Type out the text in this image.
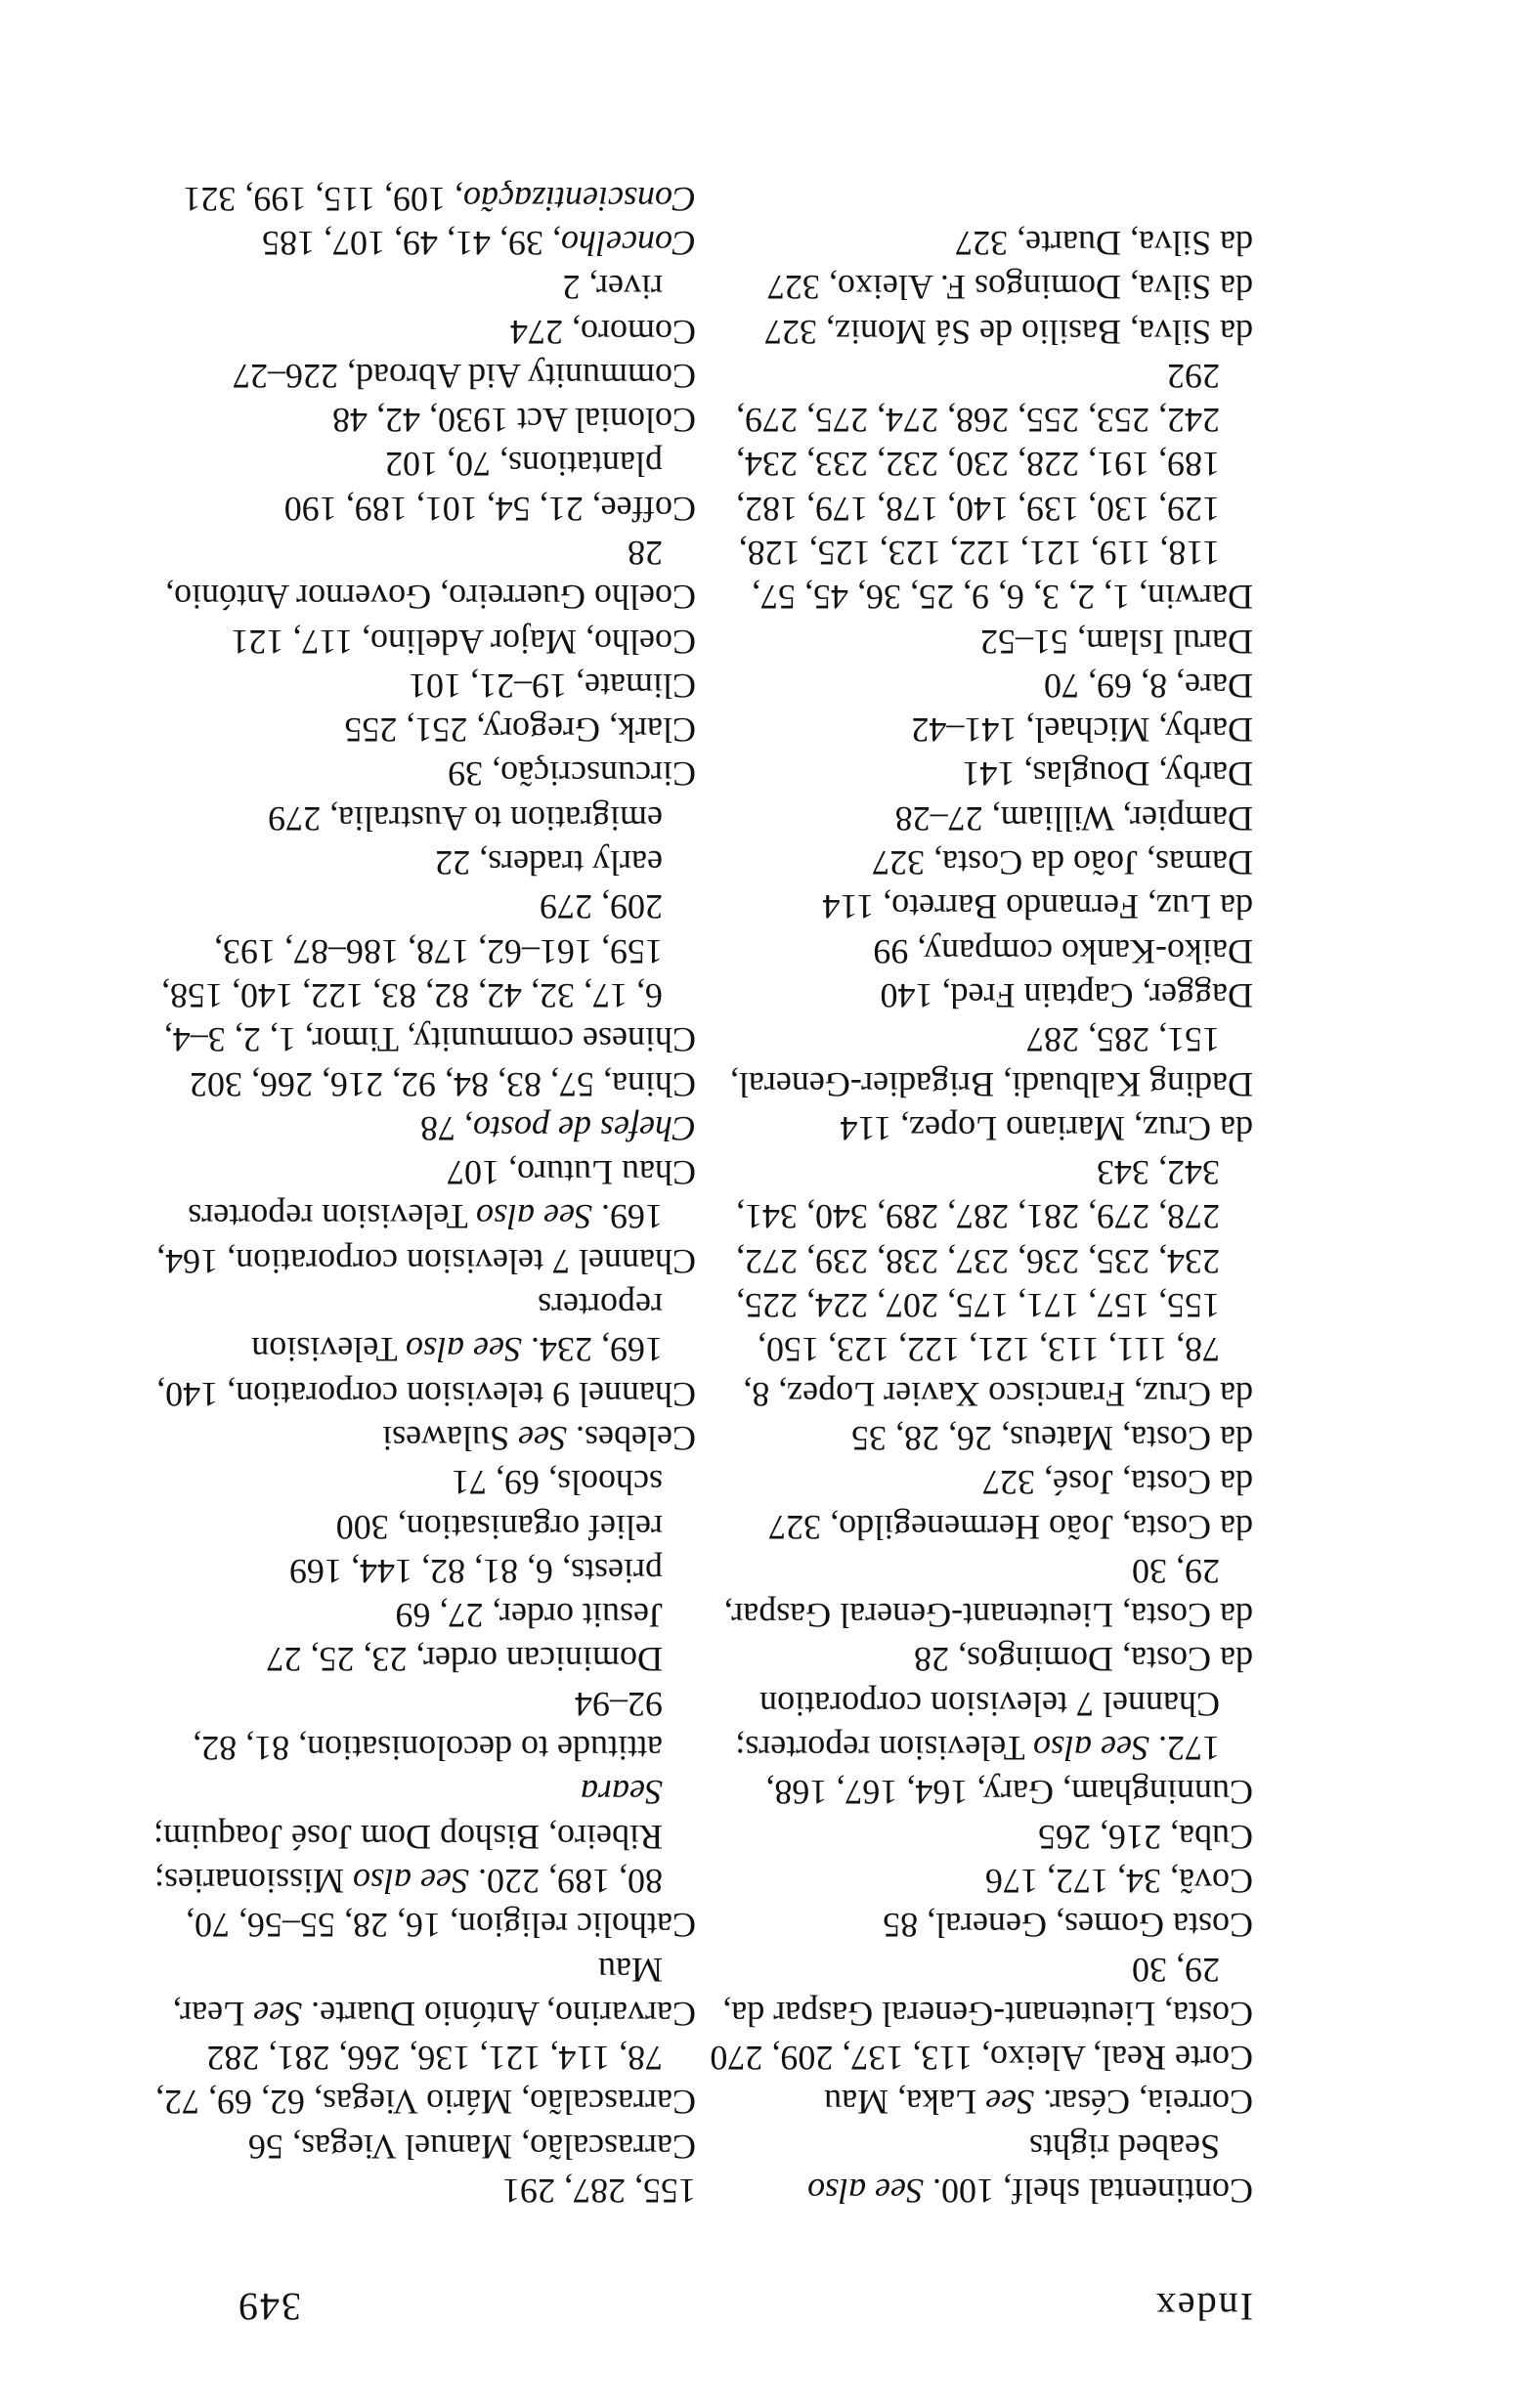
Index
349
Continental shelf, 100. See also Seabed rights
Correia, César. See Laka, Mau
Corte Real, Aleixo, 113, 137, 209, 270
Costa, Lieutenant-General Gaspar da, 29, 30
Costa Gomes, General, 85
Covã, 34, 172, 176
Cuba, 216, 265
Cunningham, Gary, 164, 167, 168, 172. See also Television reporters; Channel 7 television corporation
da Costa, Domingos, 28
da Costa, Lieutenant-General Gaspar, 29, 30
da Costa, João Hermenegildo, 327
da Costa, José, 327
da Costa, Mateus, 26, 28, 35
da Cruz, Francisco Xavier Lopez, 8, 78, 111, 113, 121, 122, 123, 150, 155, 157, 171, 175, 207, 224, 225, 234, 235, 236, 237, 238, 239, 272, 278, 279, 281, 287, 289, 340, 341, 342, 343
da Cruz, Mariano Lopez, 114
Dading Kalbuadi, Brigadier-General, 151, 285, 287
Dagger, Captain Fred, 140
Daiko-Kanko company, 99
da Luz, Fernando Barreto, 114
Damas, João da Costa, 327
Dampier, William, 27–28
Darby, Douglas, 141
Darby, Michael, 141–42
Dare, 8, 69, 70
Darul Islam, 51–52
Darwin, 1, 2, 3, 6, 9, 25, 36, 45, 57, 118, 119, 121, 122, 123, 125, 128, 129, 130, 139, 140, 178, 179, 182, 189, 191, 228, 230, 232, 233, 234, 242, 253, 255, 268, 274, 275, 279, 292
da Silva, Basilio de Sá Moniz, 327
da Silva, Domingos F. Aleixo, 327
da Silva, Duarte, 327
155, 287, 291
Carrascalão, Manuel Viegas, 56
Carrascalão, Mário Viegas, 62, 69, 72, 78, 114, 121, 136, 266, 281, 282
Carvarino, António Duarte. See Lear, Mau
Catholic religion, 16, 28, 55–56, 70, 80, 189, 220. See also Missionaries; Ribeiro, Bishop Dom José Joaquim; Seara
attitude to decolonisation, 81, 82, 92–94
Dominican order, 23, 25, 27
Jesuit order, 27, 69
priests, 6, 81, 82, 144, 169
relief organisation, 300
schools, 69, 71
Celebes. See Sulawesi
Channel 9 television corporation, 140, 169, 234. See also Television reporters
Channel 7 television corporation, 164, 169. See also Television reporters
Chau Luturo, 107
Chefes de posto, 78
China, 57, 83, 84, 92, 216, 266, 302
Chinese community, Timor, 1, 2, 3–4, 6, 17, 32, 42, 82, 83, 122, 140, 158, 159, 161–62, 178, 186–87, 193, 209, 279
early traders, 22
emigration to Australia, 279
Circunscrição, 39
Clark, Gregory, 251, 255
Climate, 19–21, 101
Coelho, Major Adelino, 117, 121
Coelho Guerreiro, Governor António, 28
Coffee, 21, 54, 101, 189, 190
plantations, 70, 102
Colonial Act 1930, 42, 48
Community Aid Abroad, 226–27
Comoro, 274
river, 2
Concelho, 39, 41, 49, 107, 185
Conscientização, 109, 115, 199, 321
